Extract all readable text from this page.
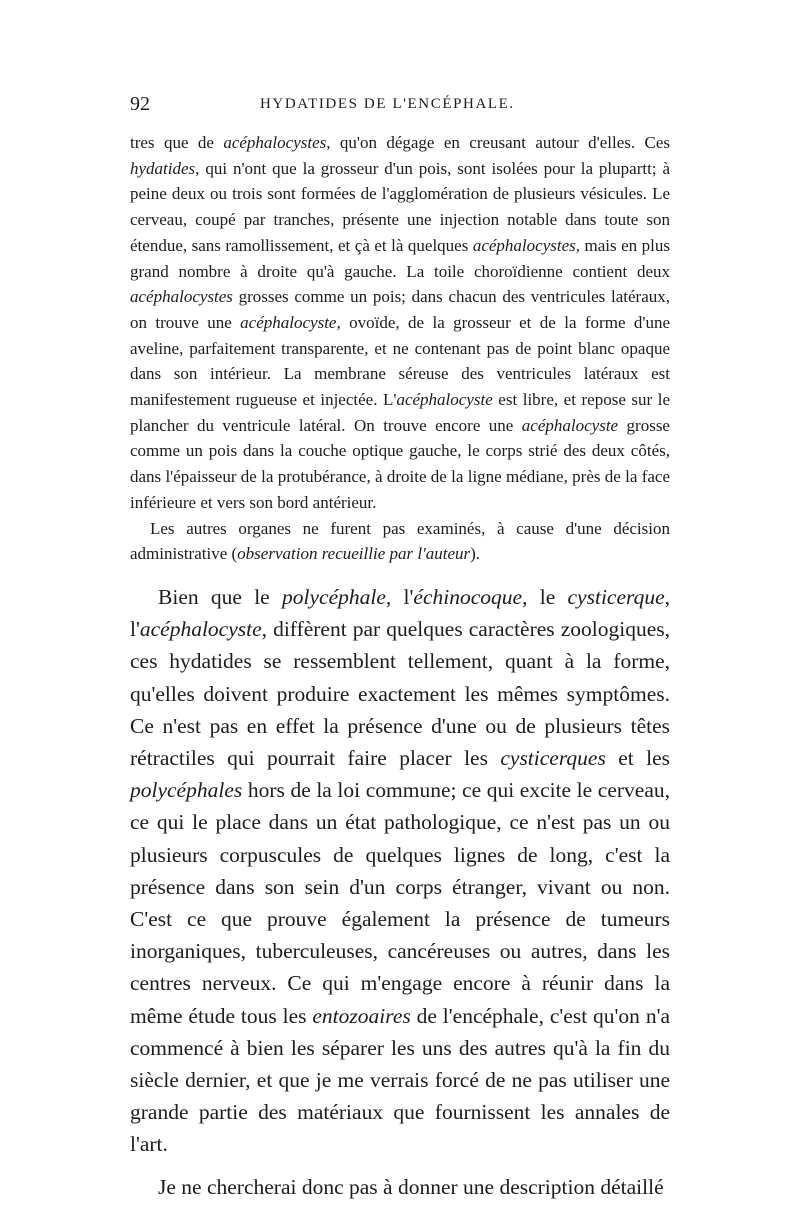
92	HYDATIDES DE L'ENCÉPHALE.

tres que de acéphalocystes, qu'on dégage en creusant autour d'elles. Ces hydatides, qui n'ont que la grosseur d'un pois, sont isolées pour la plupartt; à peine deux ou trois sont formées de l'agglomération de plusieurs vésicules. Le cerveau, coupé par tranches, présente une injection notable dans toute son étendue, sans ramollissement, et çà et là quelques acéphalocystes, mais en plus grand nombre à droite qu'à gauche. La toile choroïdienne contient deux acéphalocystes grosses comme un pois; dans chacun des ventricules latéraux, on trouve une acéphalocyste, ovoïde, de la grosseur et de la forme d'une aveline, parfaitement transparente, et ne contenant pas de point blanc opaque dans son intérieur. La membrane séreuse des ventricules latéraux est manifestement rugueuse et injectée. L'acéphalocyste est libre, et repose sur le plancher du ventricule latéral. On trouve encore une acéphalocyste grosse comme un pois dans la couche optique gauche, le corps strié des deux côtés, dans l'épaisseur de la protubérance, à droite de la ligne médiane, près de la face inférieure et vers son bord antérieur.

Les autres organes ne furent pas examinés, à cause d'une décision administrative (observation recueillie par l'auteur).

Bien que le polycéphale, l'échinocoque, le cysticerque, l'acéphalocyste, diffèrent par quelques caractères zoologiques, ces hydatides se ressemblent tellement, quant à la forme, qu'elles doivent produire exactement les mêmes symptômes. Ce n'est pas en effet la présence d'une ou de plusieurs têtes rétractiles qui pourrait faire placer les cysticerques et les polycéphales hors de la loi commune; ce qui excite le cerveau, ce qui le place dans un état pathologique, ce n'est pas un ou plusieurs corpuscules de quelques lignes de long, c'est la présence dans son sein d'un corps étranger, vivant ou non. C'est ce que prouve également la présence de tumeurs inorganiques, tuberculeuses, cancéreuses ou autres, dans les centres nerveux. Ce qui m'engage encore à réunir dans la même étude tous les entozoaires de l'encéphale, c'est qu'on n'a commencé à bien les séparer les uns des autres qu'à la fin du siècle dernier, et que je me verrais forcé de ne pas utiliser une grande partie des matériaux que fournissent les annales de l'art.

Je ne chercherai donc pas à donner une description détaillé
